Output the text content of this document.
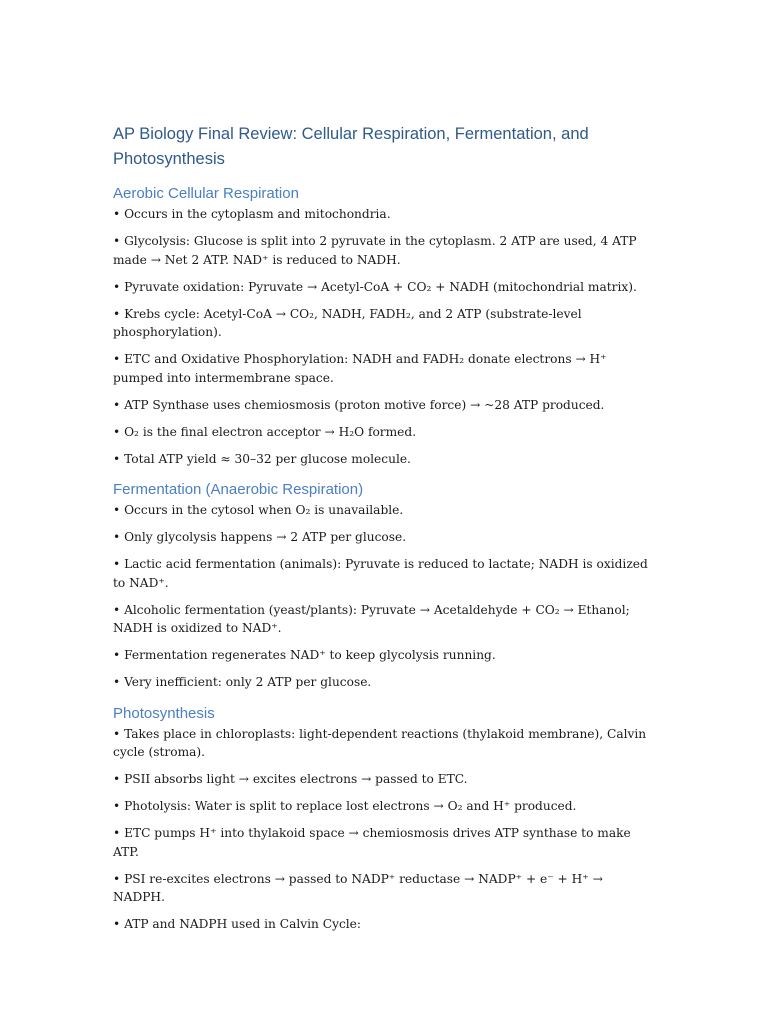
AP Biology Final Review: Cellular Respiration, Fermentation, and Photosynthesis
Aerobic Cellular Respiration

• Occurs in the cytoplasm and mitochondria.

• Glycolysis: Glucose is split into 2 pyruvate in the cytoplasm. 2 ATP are used, 4 ATP made → Net 2 ATP. NAD⁺ is reduced to NADH.

• Pyruvate oxidation: Pyruvate → Acetyl-CoA + CO₂ + NADH (mitochondrial matrix).

• Krebs cycle: Acetyl-CoA → CO₂, NADH, FADH₂, and 2 ATP (substrate-level phosphorylation).

• ETC and Oxidative Phosphorylation: NADH and FADH₂ donate electrons → H⁺ pumped into intermembrane space.

• ATP Synthase uses chemiosmosis (proton motive force) → ~28 ATP produced.

• O₂ is the final electron acceptor → H₂O formed.

• Total ATP yield ≈ 30–32 per glucose molecule.

Fermentation (Anaerobic Respiration)

• Occurs in the cytosol when O₂ is unavailable.

• Only glycolysis happens → 2 ATP per glucose.

• Lactic acid fermentation (animals): Pyruvate is reduced to lactate; NADH is oxidized to NAD⁺.

• Alcoholic fermentation (yeast/plants): Pyruvate → Acetaldehyde + CO₂ → Ethanol; NADH is oxidized to NAD⁺.

• Fermentation regenerates NAD⁺ to keep glycolysis running.

• Very inefficient: only 2 ATP per glucose.

Photosynthesis

• Takes place in chloroplasts: light-dependent reactions (thylakoid membrane), Calvin cycle (stroma).

• PSII absorbs light → excites electrons → passed to ETC.

• Photolysis: Water is split to replace lost electrons → O₂ and H⁺ produced.

• ETC pumps H⁺ into thylakoid space → chemiosmosis drives ATP synthase to make ATP.

• PSI re-excites electrons → passed to NADP⁺ reductase → NADP⁺ + e⁻ + H⁺ → NADPH.

• ATP and NADPH used in Calvin Cycle:
